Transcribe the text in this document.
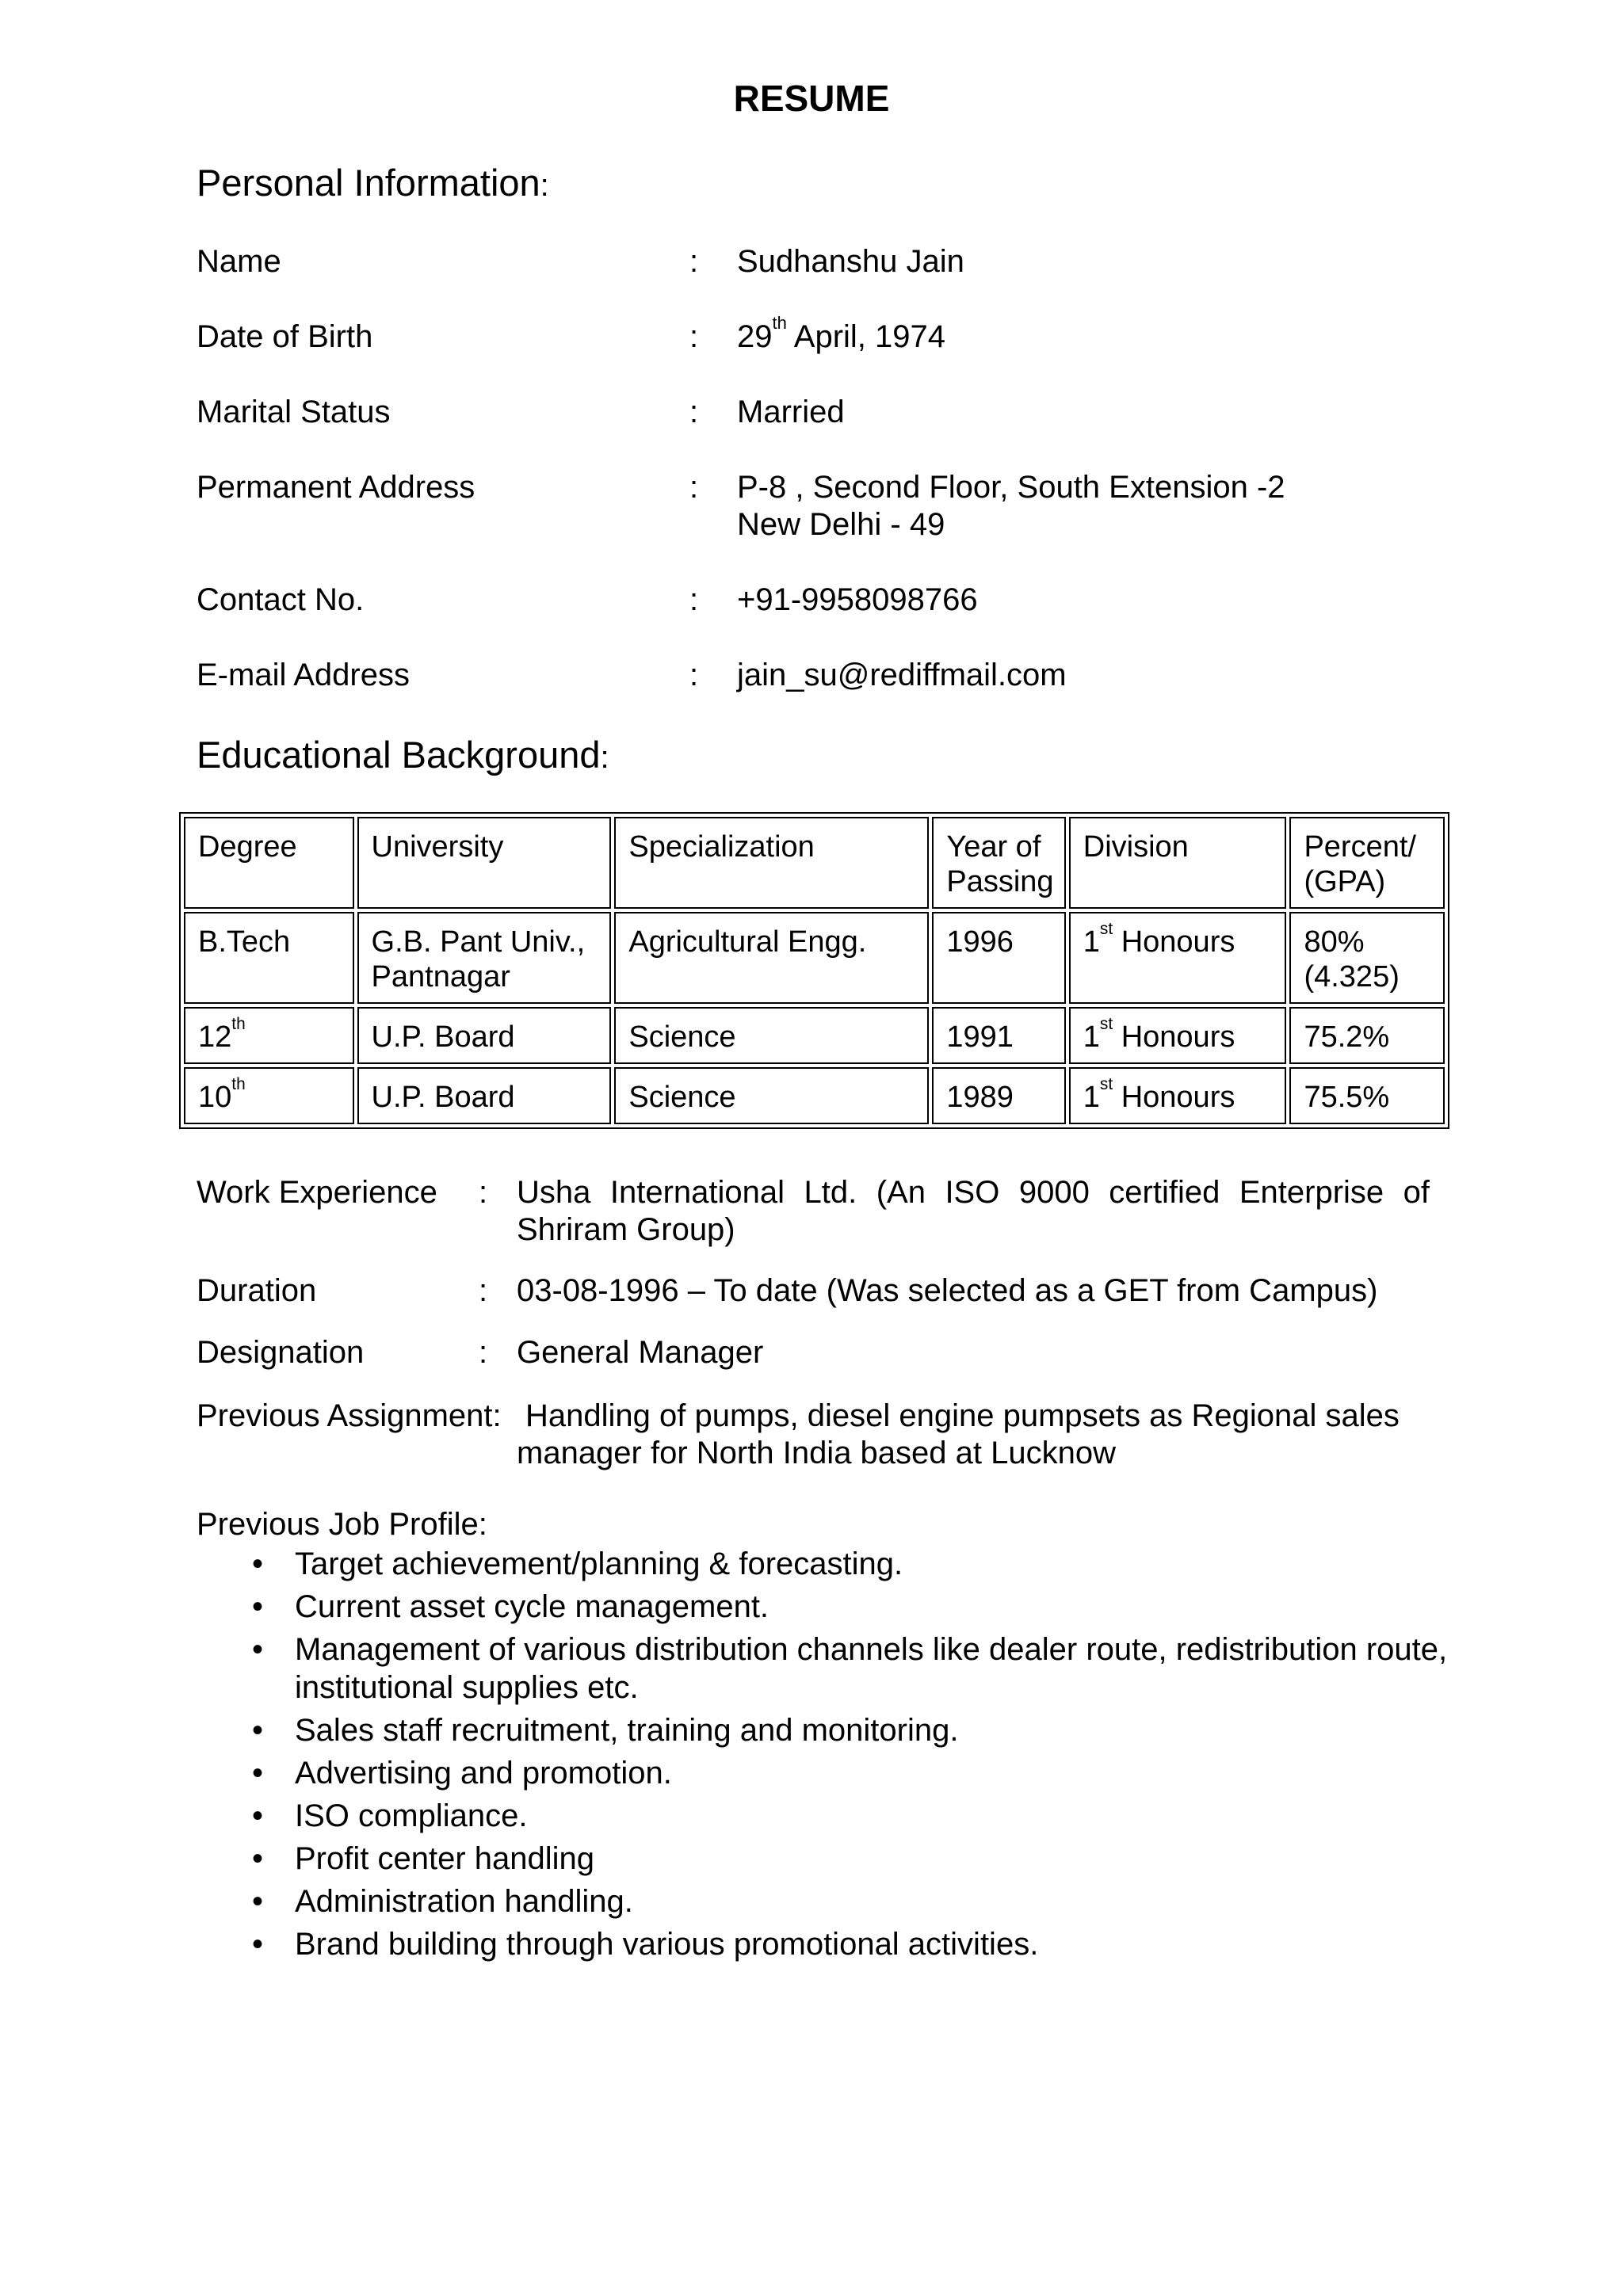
RESUME
Personal Information:
Name	: Sudhanshu Jain
Date of Birth	: 29th April, 1974
Marital Status	: Married
Permanent Address	: P-8 , Second Floor, South Extension -2
New Delhi - 49
Contact No.	: +91-9958098766
E-mail Address	: jain_su@rediffmail.com
Educational Background:
Degree	University	Specialization	Year of Passing	Division	Percent/ (GPA)
B.Tech	G.B. Pant Univ., Pantnagar	Agricultural Engg.	1996	1st Honours	80% (4.325)
12th	U.P. Board	Science	1991	1st Honours	75.2%
10th	U.P. Board	Science	1989	1st Honours	75.5%
Work Experience : Usha International Ltd. (An ISO 9000 certified Enterprise of
Shriram Group)
Duration	: 03-08-1996 – To date (Was selected as a GET from Campus)
Designation	: General Manager
Previous Assignment: Handling of pumps, diesel engine pumpsets as Regional sales
manager for North India based at Lucknow
Previous Job Profile:
• Target achievement/planning & forecasting.
• Current asset cycle management.
• Management of various distribution channels like dealer route, redistribution route, institutional supplies etc.
• Sales staff recruitment, training and monitoring.
• Advertising and promotion.
• ISO compliance.
• Profit center handling
• Administration handling.
• Brand building through various promotional activities.
